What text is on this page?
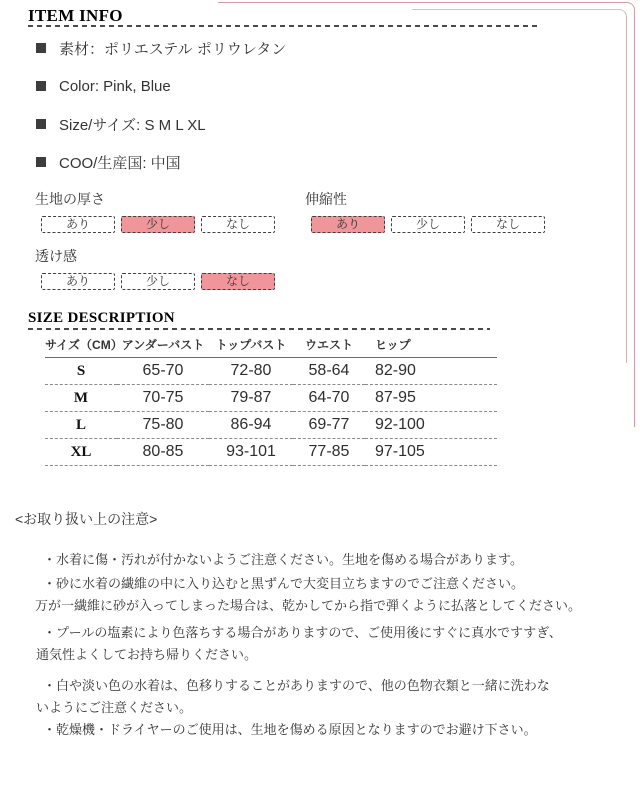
ITEM INFO
素材：ポリエステル ポリウレタン
Color: Pink, Blue
Size/サイズ: S M L XL
COO/生産国: 中国

生地の厚さ

あり	少し	なし

伸縮性

あり	少し	なし

透け感

あり	少し	なし
SIZE DESCRIPTION
サイズ（CM）	アンダーバスト	トップバスト	ウエスト	ヒップ
S	65-70	72-80	58-64	82-90
M	70-75	79-87	64-70	87-95
L	75-80	86-94	69-77	92-100
XL	80-85	93-101	77-85	97-105
<お取り扱い上の注意>
・水着に傷・汚れが付かないようご注意ください。生地を傷める場合があります。
・砂に水着の繊維の中に入り込むと黒ずんで大変目立ちますのでご注意ください。
万が一繊維に砂が入ってしまった場合は、乾かしてから指で弾くように払落としてください。
・プールの塩素により色落ちする場合がありますので、ご使用後にすぐに真水ですすぎ、
通気性よくしてお持ち帰りください。
・白や淡い色の水着は、色移りすることがありますので、他の色物衣類と一緒に洗わな
いようにご注意ください。
・乾燥機・ドライヤーのご使用は、生地を傷める原因となりますのでお避け下さい。
